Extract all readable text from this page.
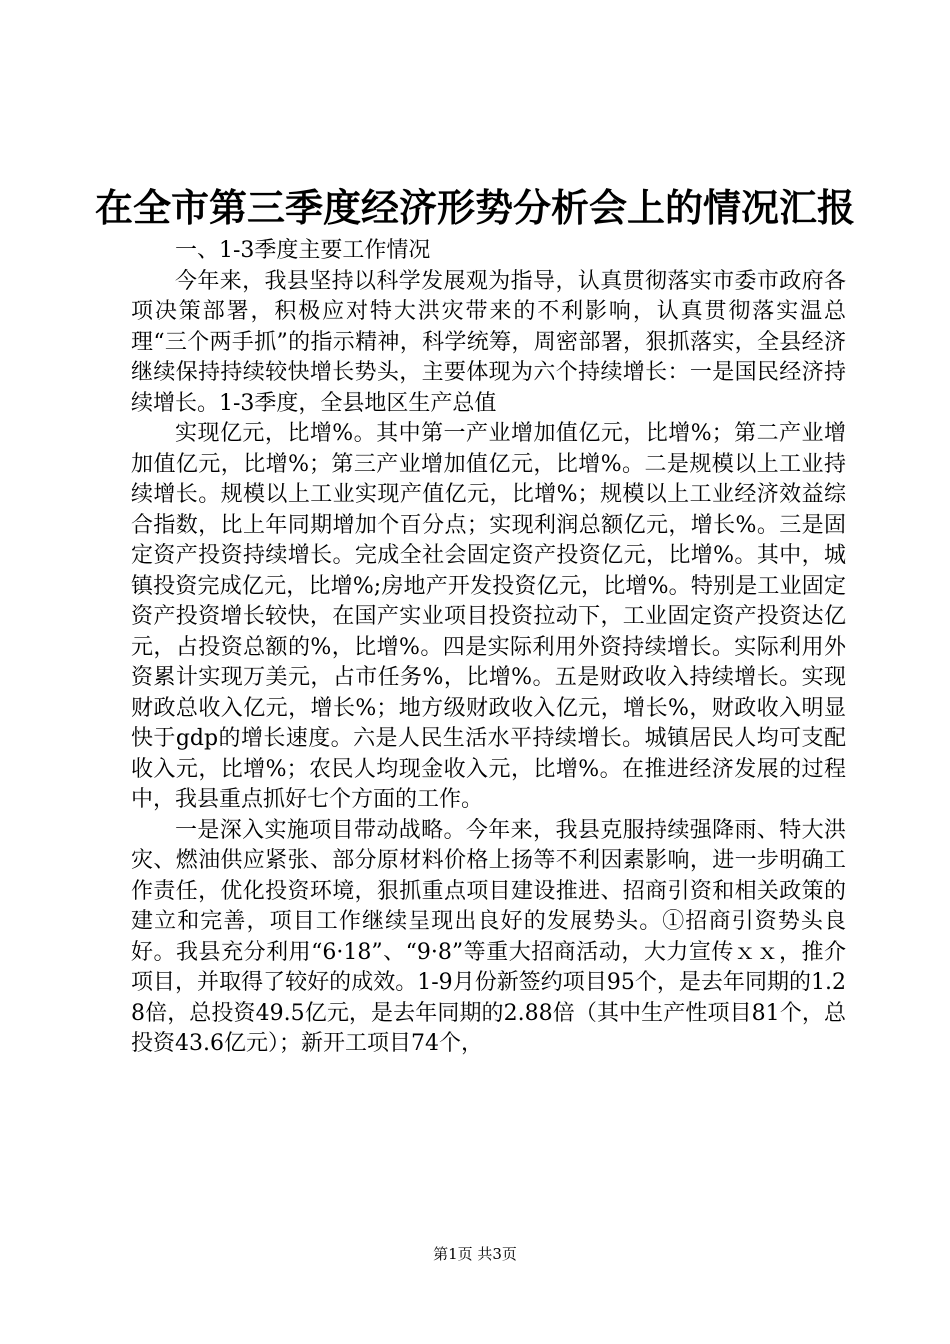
在全市第三季度经济形势分析会上的情况汇报

一、1-3季度主要工作情况

今年来，我县坚持以科学发展观为指导，认真贯彻落实市委市政府各项决策部署，积极应对特大洪灾带来的不利影响，认真贯彻落实温总理“三个两手抓”的指示精神，科学统筹，周密部署，狠抓落实，全县经济继续保持持续较快增长势头，主要体现为六个持续增长：一是国民经济持续增长。1-3季度，全县地区生产总值

实现亿元，比增%。其中第一产业增加值亿元，比增%；第二产业增加值亿元，比增%；第三产业增加值亿元，比增%。二是规模以上工业持续增长。规模以上工业实现产值亿元，比增%；规模以上工业经济效益综合指数，比上年同期增加个百分点；实现利润总额亿元，增长%。三是固定资产投资持续增长。完成全社会固定资产投资亿元，比增%。其中，城镇投资完成亿元，比增%;房地产开发投资亿元，比增%。特别是工业固定资产投资增长较快，在国产实业项目投资拉动下，工业固定资产投资达亿元，占投资总额的%，比增%。四是实际利用外资持续增长。实际利用外资累计实现万美元，占市任务%，比增%。五是财政收入持续增长。实现财政总收入亿元，增长%；地方级财政收入亿元，增长%，财政收入明显快于gdp的增长速度。六是人民生活水平持续增长。城镇居民人均可支配收入元，比增%；农民人均现金收入元，比增%。在推进经济发展的过程中，我县重点抓好七个方面的工作。

一是深入实施项目带动战略。今年来，我县克服持续强降雨、特大洪灾、燃油供应紧张、部分原材料价格上扬等不利因素影响，进一步明确工作责任，优化投资环境，狠抓重点项目建设推进、招商引资和相关政策的建立和完善，项目工作继续呈现出良好的发展势头。①招商引资势头良好。我县充分利用“6·18”、“9·8”等重大招商活动，大力宣传ｘｘ，推介项目，并取得了较好的成效。1-9月份新签约项目95个，是去年同期的1.28倍，总投资49.5亿元，是去年同期的2.88倍（其中生产性项目81个，总投资43.6亿元）；新开工项目74个，

第1页 共3页
